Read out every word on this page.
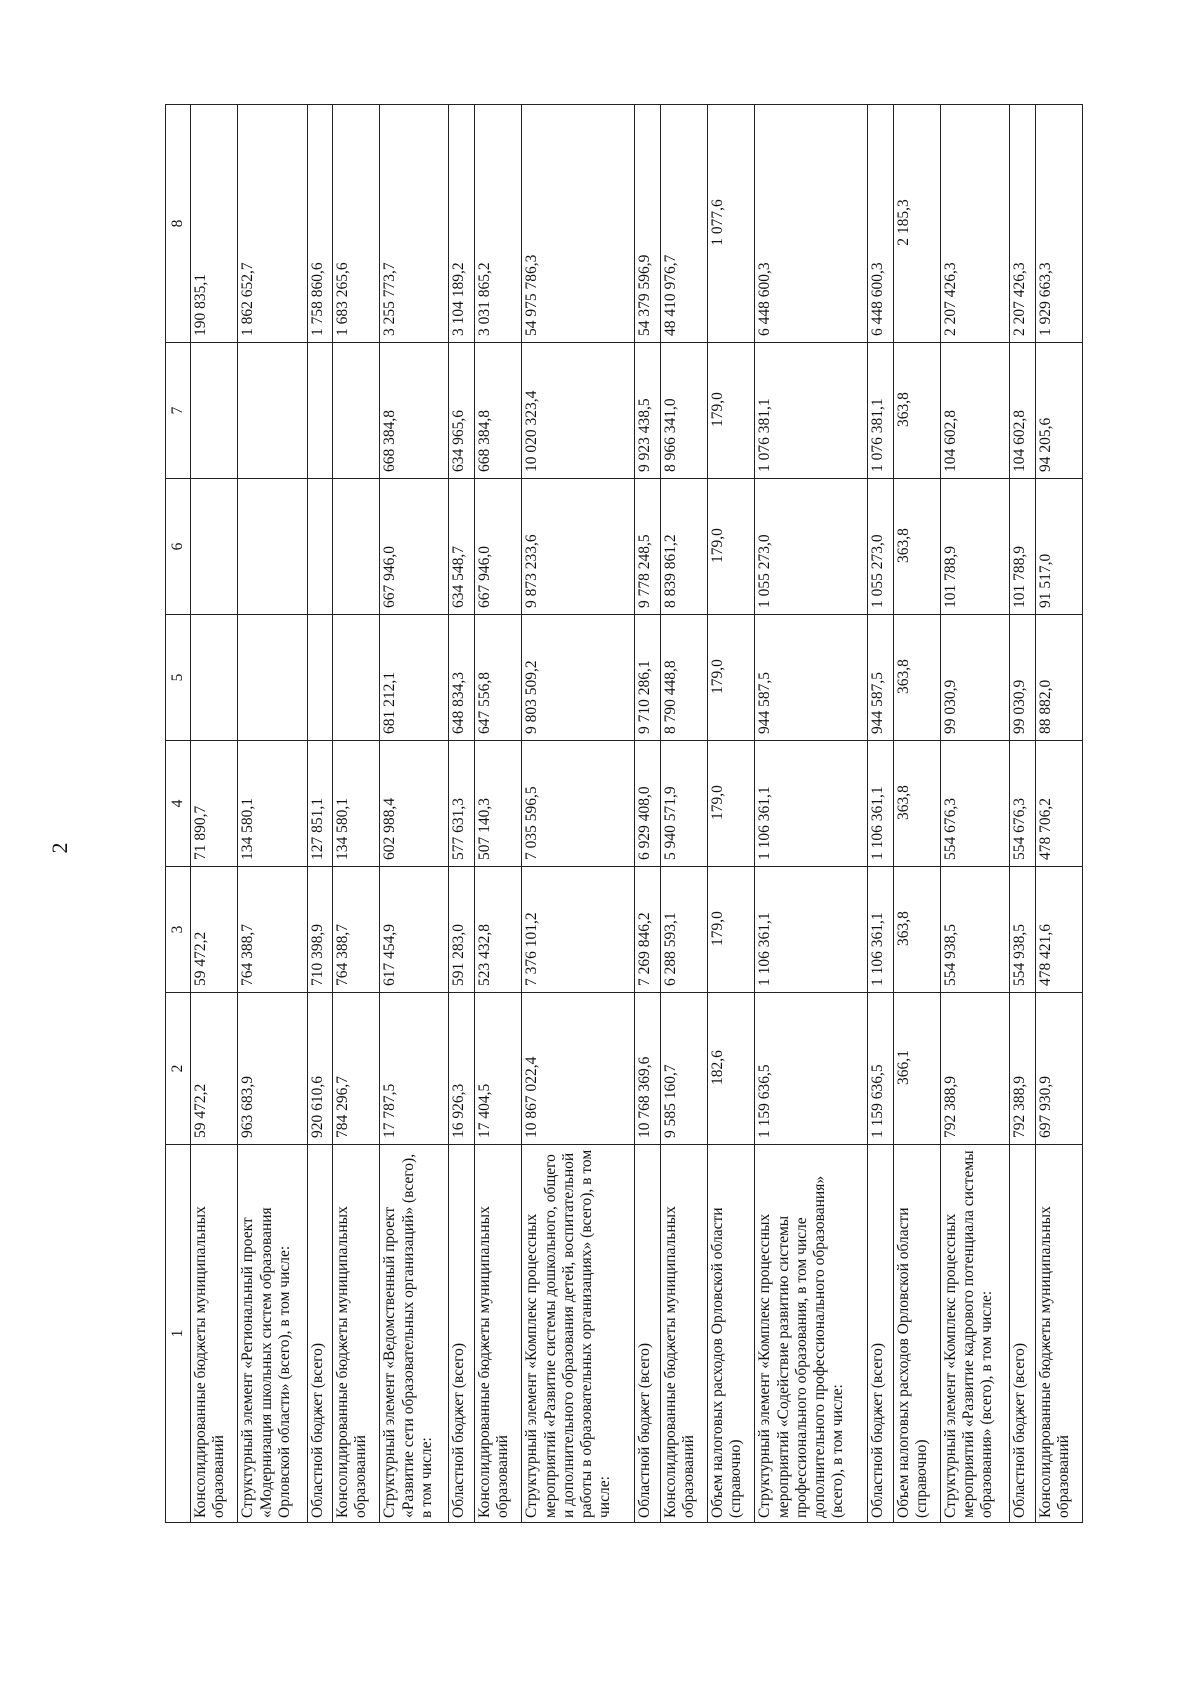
2
1	2	3	4	5	6	7	8
Консолидированные бюджеты муниципальных образований	59 472,2	59 472,2	71 890,7				190 835,1
Структурный элемент «Региональный проект «Модернизация школьных систем образования Орловской области» (всего), в том числе:	963 683,9	764 388,7	134 580,1				1 862 652,7
Областной бюджет (всего)	920 610,6	710 398,9	127 851,1				1 758 860,6
Консолидированные бюджеты муниципальных образований	784 296,7	764 388,7	134 580,1				1 683 265,6
Структурный элемент «Ведомственный проект «Развитие сети образовательных организаций» (всего), в том числе:	17 787,5	617 454,9	602 988,4	681 212,1	667 946,0	668 384,8	3 255 773,7
Областной бюджет (всего)	16 926,3	591 283,0	577 631,3	648 834,3	634 548,7	634 965,6	3 104 189,2
Консолидированные бюджеты муниципальных образований	17 404,5	523 432,8	507 140,3	647 556,8	667 946,0	668 384,8	3 031 865,2
Структурный элемент «Комплекс процессных мероприятий «Развитие системы дошкольного, общего и дополнительного образования детей, воспитательной работы в образовательных организациях» (всего), в том числе:	10 867 022,4	7 376 101,2	7 035 596,5	9 803 509,2	9 873 233,6	10 020 323,4	54 975 786,3
Областной бюджет (всего)	10 768 369,6	7 269 846,2	6 929 408,0	9 710 286,1	9 778 248,5	9 923 438,5	54 379 596,9
Консолидированные бюджеты муниципальных образований	9 585 160,7	6 288 593,1	5 940 571,9	8 790 448,8	8 839 861,2	8 966 341,0	48 410 976,7
Объем налоговых расходов Орловской области (справочно)	182,6	179,0	179,0	179,0	179,0	179,0	1 077,6
Структурный элемент «Комплекс процессных мероприятий «Содействие развитию системы профессионального образования, в том числе дополнительного профессионального образования» (всего), в том числе:	1 159 636,5	1 106 361,1	1 106 361,1	944 587,5	1 055 273,0	1 076 381,1	6 448 600,3
Областной бюджет (всего)	1 159 636,5	1 106 361,1	1 106 361,1	944 587,5	1 055 273,0	1 076 381,1	6 448 600,3
Объем налоговых расходов Орловской области (справочно)	366,1	363,8	363,8	363,8	363,8	363,8	2 185,3
Структурный элемент «Комплекс процессных мероприятий «Развитие кадрового потенциала системы образования» (всего), в том числе:	792 388,9	554 938,5	554 676,3	99 030,9	101 788,9	104 602,8	2 207 426,3
Областной бюджет (всего)	792 388,9	554 938,5	554 676,3	99 030,9	101 788,9	104 602,8	2 207 426,3
Консолидированные бюджеты муниципальных образований	697 930,9	478 421,6	478 706,2	88 882,0	91 517,0	94 205,6	1 929 663,3
